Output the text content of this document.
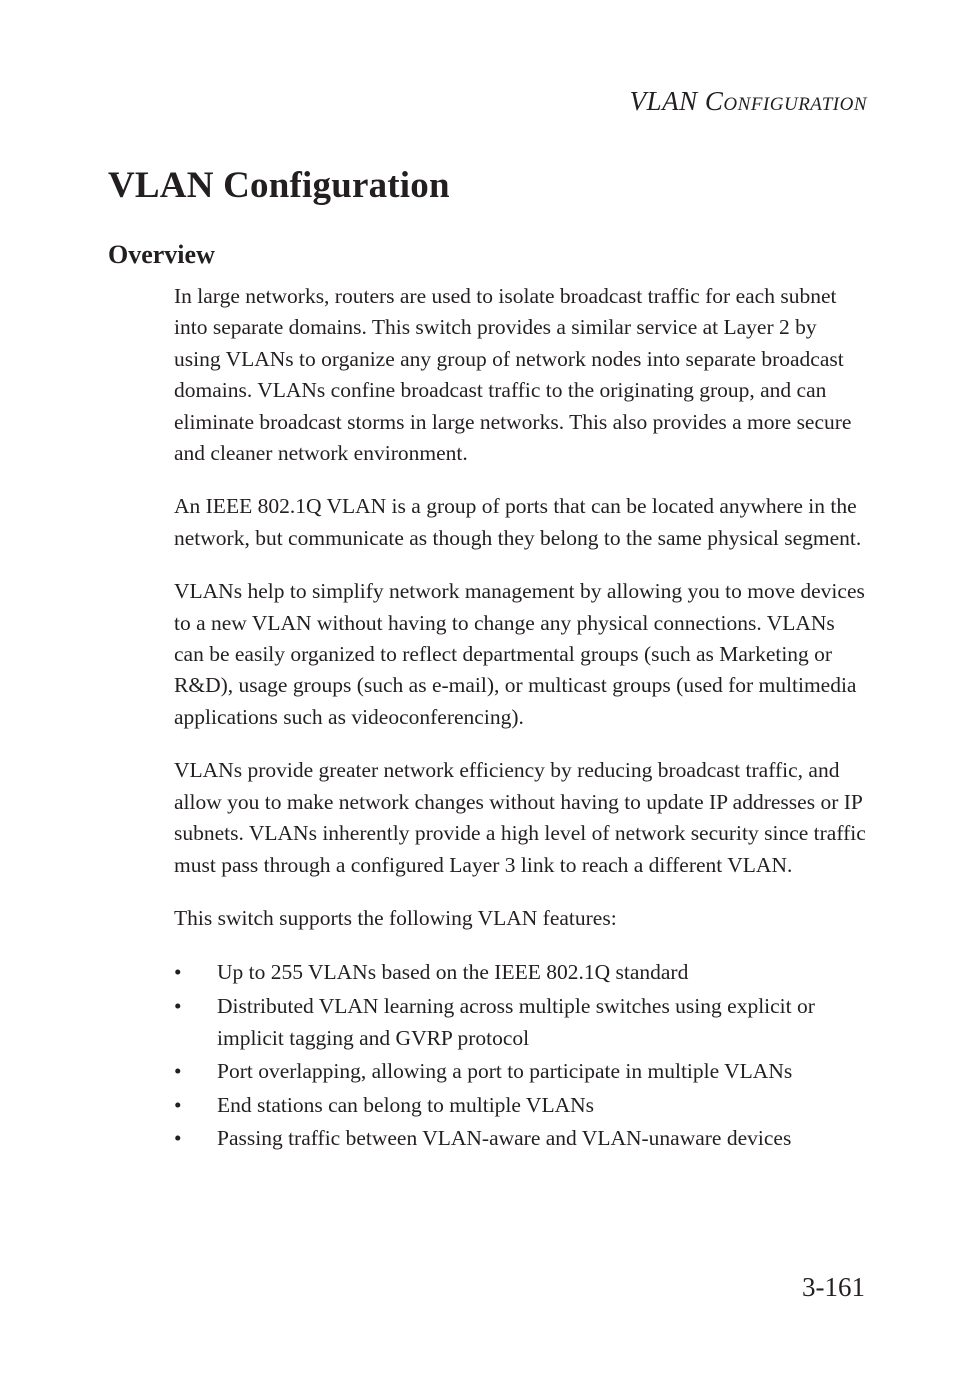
VLAN Configuration
VLAN Configuration
Overview

In large networks, routers are used to isolate broadcast traffic for each subnet into separate domains. This switch provides a similar service at Layer 2 by using VLANs to organize any group of network nodes into separate broadcast domains. VLANs confine broadcast traffic to the originating group, and can eliminate broadcast storms in large networks. This also provides a more secure and cleaner network environment.

An IEEE 802.1Q VLAN is a group of ports that can be located anywhere in the network, but communicate as though they belong to the same physical segment.

VLANs help to simplify network management by allowing you to move devices to a new VLAN without having to change any physical connections. VLANs can be easily organized to reflect departmental groups (such as Marketing or R&D), usage groups (such as e-mail), or multicast groups (used for multimedia applications such as videoconferencing).

VLANs provide greater network efficiency by reducing broadcast traffic, and allow you to make network changes without having to update IP addresses or IP subnets. VLANs inherently provide a high level of network security since traffic must pass through a configured Layer 3 link to reach a different VLAN.

This switch supports the following VLAN features:

• Up to 255 VLANs based on the IEEE 802.1Q standard
• Distributed VLAN learning across multiple switches using explicit or implicit tagging and GVRP protocol
• Port overlapping, allowing a port to participate in multiple VLANs
• End stations can belong to multiple VLANs
• Passing traffic between VLAN-aware and VLAN-unaware devices
3-161
